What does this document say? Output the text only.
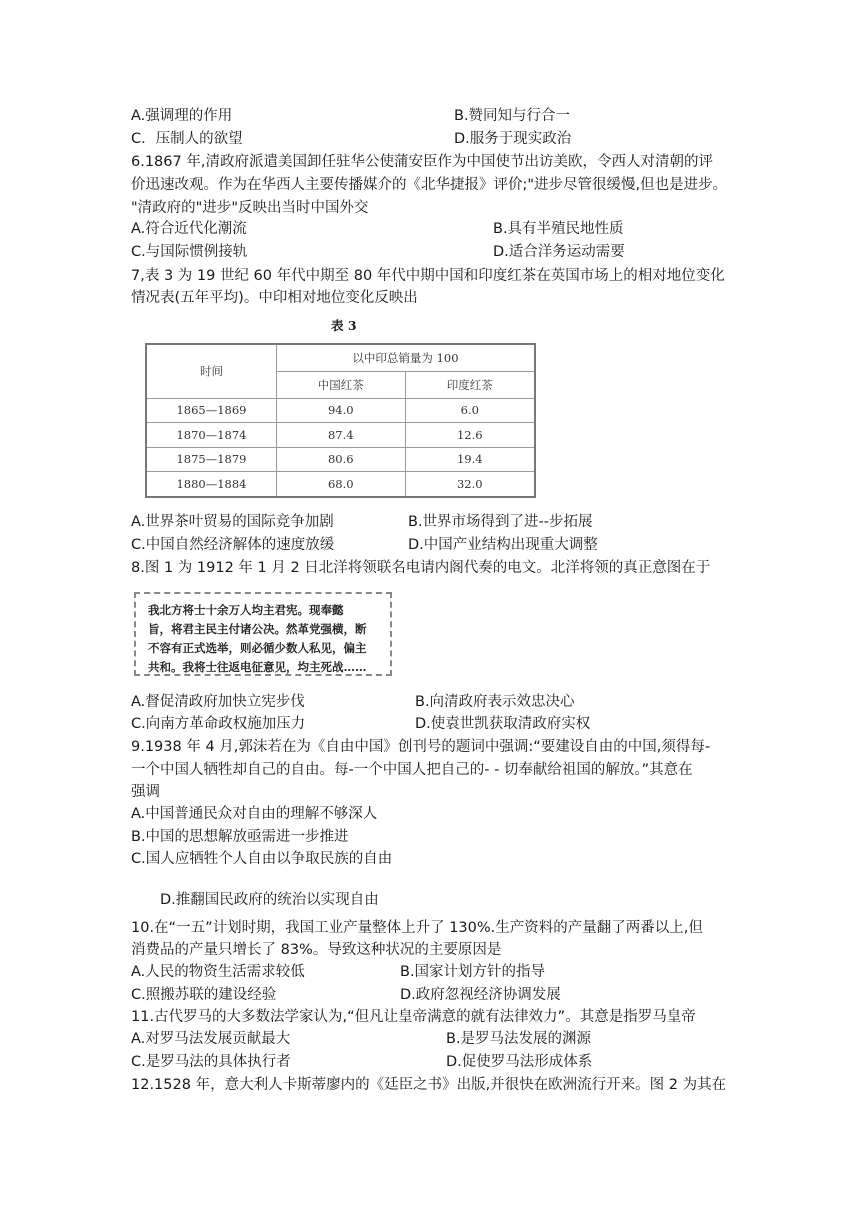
A.强调理的作用	B.赞同知与行合一
C．压制人的欲望	D.服务于现实政治
6.1867 年,清政府派遣美国卸任驻华公使蒲安臣作为中国使节出访美欧，令西人对清朝的评
价迅速改观。作为在华西人主要传播媒介的《北华捷报》评价;"进步尽管很缓慢,但也是进步。
"清政府的"进步"反映出当时中国外交
A.符合近代化潮流	B.具有半殖民地性质
C.与国际惯例接轨	D.适合洋务运动需要
7,表 3 为 19 世纪 60 年代中期至 80 年代中期中国和印度红茶在英国市场上的相对地位变化
情况表(五年平均)。中印相对地位变化反映出
表 3
时间	以中印总销量为 100	
	中国红茶	印度红茶
1865—1869	94.0	6.0
1870—1874	87.4	12.6
1875—1879	80.6	19.4
1880—1884	68.0	32.0
A.世界茶叶贸易的国际竞争加剧	B.世界市场得到了进--步拓展
C.中国自然经济解体的速度放缓	D.中国产业结构出现重大调整
8.图 1 为 1912 年 1 月 2 日北洋将领联名电请内阁代奏的电文。北洋将领的真正意图在于
我北方将士十余万人均主君宪。现奉懿
旨，将君主民主付诸公决。然革党强横，断
不容有正式选举，则必循少数人私见，偏主
共和。我将士往返电征意见，均主死战……
A.督促清政府加快立宪步伐	B.向清政府表示效忠决心
C.向南方革命政权施加压力	D.使袁世凯获取清政府实权
9.1938 年 4 月,郭沫若在为《自由中国》创刊号的题词中强调:“要建设自由的中国,须得每-
一个中国人牺牲却自己的自由。每-一个中国人把自己的- - 切奉献给祖国的解放。”其意在
强调
A.中国普通民众对自由的理解不够深人
B.中国的思想解放亟需进一步推进
C.国人应牺牲个人自由以争取民族的自由
D.推翻国民政府的统治以实现自由
10.在“一五”计划时期，我国工业产量整体上升了 130%.生产资料的产量翻了两番以上,但
消费品的产量只增长了 83%。导致这种状况的主要原因是
A.人民的物资生活需求较低	B.国家计划方针的指导
C.照搬苏联的建设经验	D.政府忽视经济协调发展
11.古代罗马的大多数法学家认为,“但凡让皇帝满意的就有法律效力”。其意是指罗马皇帝
A.对罗马法发展贡献最大	B.是罗马法发展的渊源
C.是罗马法的具体执行者	D.促使罗马法形成体系
12.1528 年，意大利人卡斯蒂廖内的《廷臣之书》出版,并很快在欧洲流行开来。图 2 为其在
